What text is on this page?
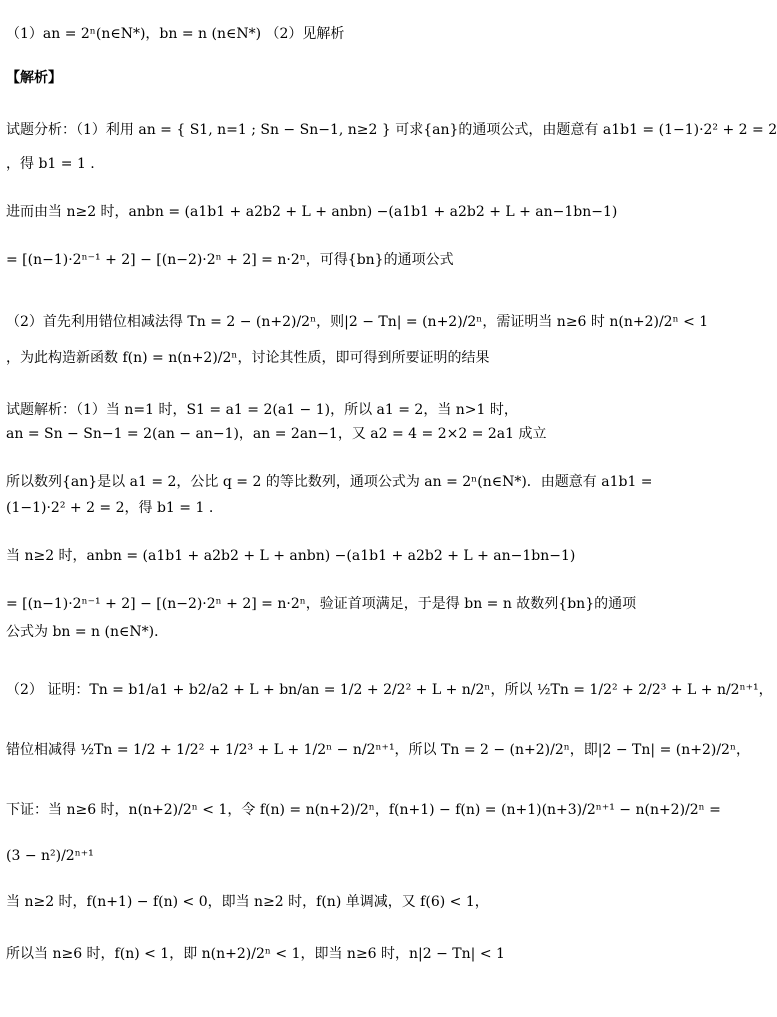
（1）an = 2ⁿ(n∈N*)，bn = n (n∈N*) （2）见解析
【解析】
试题分析：（1）利用 an = { S1, n=1 ; Sn − Sn−1, n≥2 } 可求{an}的通项公式，由题意有 a1b1 = (1−1)·2² + 2 = 2
，得 b1 = 1 .
进而由当 n≥2 时，anbn = (a1b1 + a2b2 + L + anbn) −(a1b1 + a2b2 + L + an−1bn−1)
= [(n−1)·2ⁿ⁻¹ + 2] − [(n−2)·2ⁿ + 2] = n·2ⁿ，可得{bn}的通项公式
（2）首先利用错位相减法得 Tn = 2 − (n+2)/2ⁿ，则|2 − Tn| = (n+2)/2ⁿ，需证明当 n≥6 时 n(n+2)/2ⁿ < 1
，为此构造新函数 f(n) = n(n+2)/2ⁿ，讨论其性质，即可得到所要证明的结果
试题解析：（1）当 n=1 时，S1 = a1 = 2(a1 − 1)，所以 a1 = 2，当 n>1 时，
an = Sn − Sn−1 = 2(an − an−1)，an = 2an−1，又 a2 = 4 = 2×2 = 2a1 成立
所以数列{an}是以 a1 = 2，公比 q = 2 的等比数列，通项公式为 an = 2ⁿ(n∈N*)．由题意有 a1b1 =
(1−1)·2² + 2 = 2，得 b1 = 1 .
当 n≥2 时，anbn = (a1b1 + a2b2 + L + anbn) −(a1b1 + a2b2 + L + an−1bn−1)
= [(n−1)·2ⁿ⁻¹ + 2] − [(n−2)·2ⁿ + 2] = n·2ⁿ，验证首项满足，于是得 bn = n 故数列{bn}的通项
公式为 bn = n (n∈N*)．
（2） 证明：Tn = b1/a1 + b2/a2 + L + bn/an = 1/2 + 2/2² + L + n/2ⁿ，所以 ½Tn = 1/2² + 2/2³ + L + n/2ⁿ⁺¹，
错位相减得 ½Tn = 1/2 + 1/2² + 1/2³ + L + 1/2ⁿ − n/2ⁿ⁺¹，所以 Tn = 2 − (n+2)/2ⁿ，即|2 − Tn| = (n+2)/2ⁿ，
下证：当 n≥6 时，n(n+2)/2ⁿ < 1，令 f(n) = n(n+2)/2ⁿ，f(n+1) − f(n) = (n+1)(n+3)/2ⁿ⁺¹ − n(n+2)/2ⁿ =
(3 − n²)/2ⁿ⁺¹
当 n≥2 时，f(n+1) − f(n) < 0，即当 n≥2 时，f(n) 单调减，又 f(6) < 1，
所以当 n≥6 时，f(n) < 1，即 n(n+2)/2ⁿ < 1，即当 n≥6 时，n|2 − Tn| < 1
